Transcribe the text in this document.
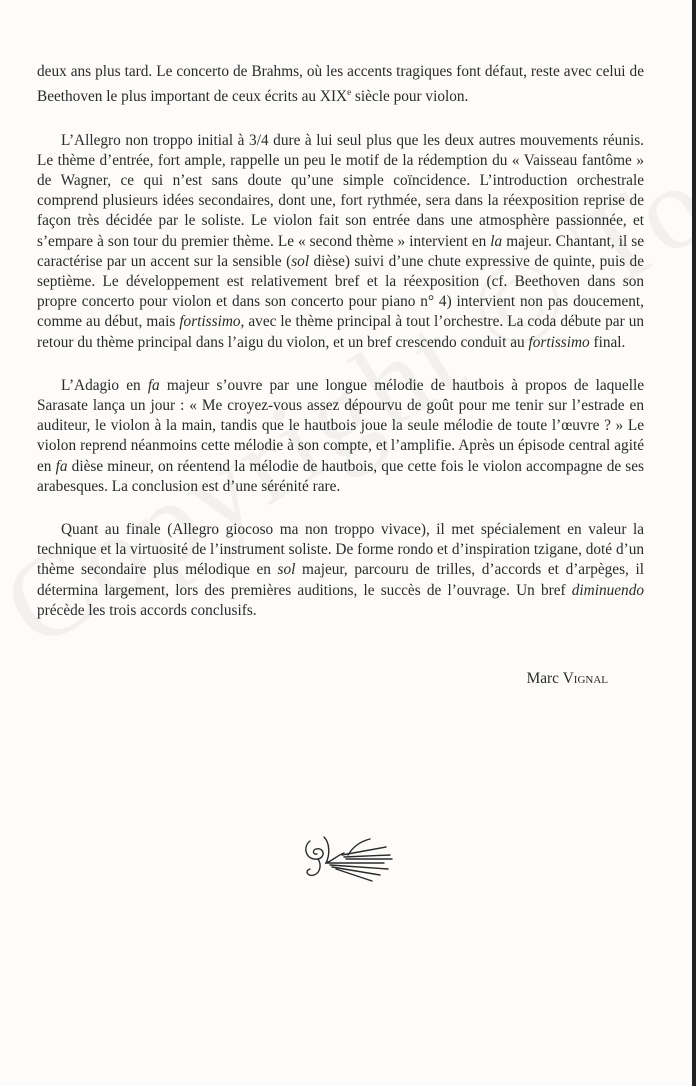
deux ans plus tard. Le concerto de Brahms, où les accents tragiques font défaut, reste avec celui de Beethoven le plus important de ceux écrits au XIXe siècle pour violon.

L’Allegro non troppo initial à 3/4 dure à lui seul plus que les deux autres mouvements réunis. Le thème d’entrée, fort ample, rappelle un peu le motif de la rédemption du « Vaisseau fantôme » de Wagner, ce qui n’est sans doute qu’une simple coïncidence. L’introduction orchestrale comprend plusieurs idées secondaires, dont une, fort rythmée, sera dans la réexposition reprise de façon très décidée par le soliste. Le violon fait son entrée dans une atmosphère passionnée, et s’empare à son tour du premier thème. Le « second thème » intervient en la majeur. Chantant, il se caractérise par un accent sur la sensible (sol dièse) suivi d’une chute expressive de quinte, puis de septième. Le développement est relativement bref et la réexposition (cf. Beethoven dans son propre concerto pour violon et dans son concerto pour piano n° 4) intervient non pas doucement, comme au début, mais fortissimo, avec le thème principal à tout l’orchestre. La coda débute par un retour du thème principal dans l’aigu du violon, et un bref crescendo conduit au fortissimo final.

L’Adagio en fa majeur s’ouvre par une longue mélodie de hautbois à propos de laquelle Sarasate lança un jour : « Me croyez-vous assez dépourvu de goût pour me tenir sur l’estrade en auditeur, le violon à la main, tandis que le hautbois joue la seule mélodie de toute l’œuvre ? » Le violon reprend néanmoins cette mélodie à son compte, et l’amplifie. Après un épisode central agité en fa dièse mineur, on réentend la mélodie de hautbois, que cette fois le violon accompagne de ses arabesques. La conclusion est d’une sérénité rare.

Quant au finale (Allegro giocoso ma non troppo vivace), il met spécialement en valeur la technique et la virtuosité de l’instrument soliste. De forme rondo et d’inspiration tzigane, doté d’un thème secondaire plus mélodique en sol majeur, parcouru de trilles, d’accords et d’arpèges, il détermina largement, lors des premières auditions, le succès de l’ouvrage. Un bref diminuendo précède les trois accords conclusifs.

Marc Vignal
